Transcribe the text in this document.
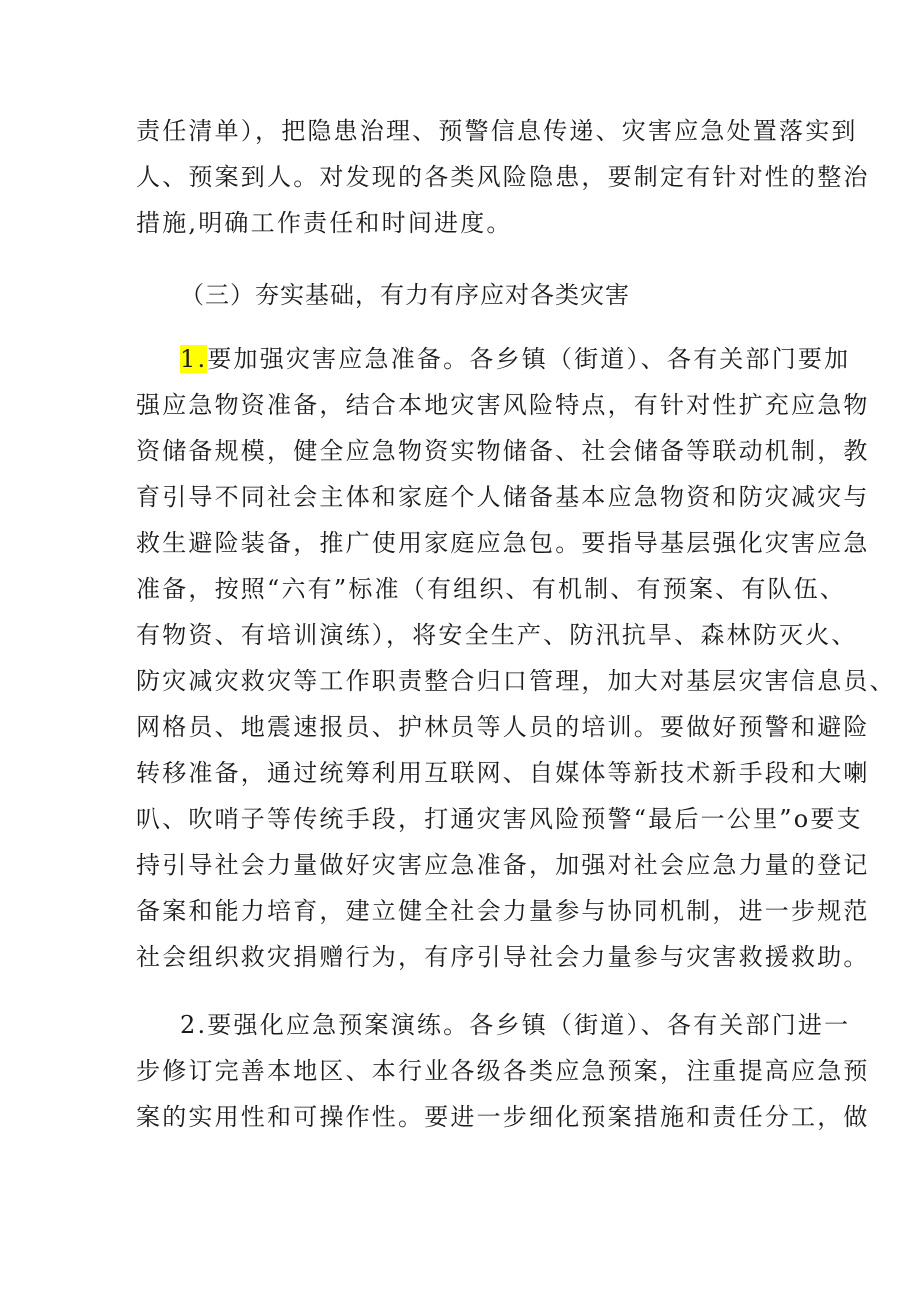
责任清单），把隐患治理、预警信息传递、灾害应急处置落实到
人、预案到人。对发现的各类风险隐患，要制定有针对性的整治
措施,明确工作责任和时间进度。
（三）夯实基础，有力有序应对各类灾害
1.要加强灾害应急准备。各乡镇（街道）、各有关部门要加
强应急物资准备，结合本地灾害风险特点，有针对性扩充应急物
资储备规模，健全应急物资实物储备、社会储备等联动机制，教
育引导不同社会主体和家庭个人储备基本应急物资和防灾减灾与
救生避险装备，推广使用家庭应急包。要指导基层强化灾害应急
准备，按照“六有”标准（有组织、有机制、有预案、有队伍、
有物资、有培训演练），将安全生产、防汛抗旱、森林防灭火、
防灾减灾救灾等工作职责整合归口管理，加大对基层灾害信息员、
网格员、地震速报员、护林员等人员的培训。要做好预警和避险
转移准备，通过统筹利用互联网、自媒体等新技术新手段和大喇
叭、吹哨子等传统手段，打通灾害风险预警“最后一公里”o要支
持引导社会力量做好灾害应急准备，加强对社会应急力量的登记
备案和能力培育，建立健全社会力量参与协同机制，进一步规范
社会组织救灾捐赠行为，有序引导社会力量参与灾害救援救助。
2.要强化应急预案演练。各乡镇（街道）、各有关部门进一
步修订完善本地区、本行业各级各类应急预案，注重提高应急预
案的实用性和可操作性。要进一步细化预案措施和责任分工，做
